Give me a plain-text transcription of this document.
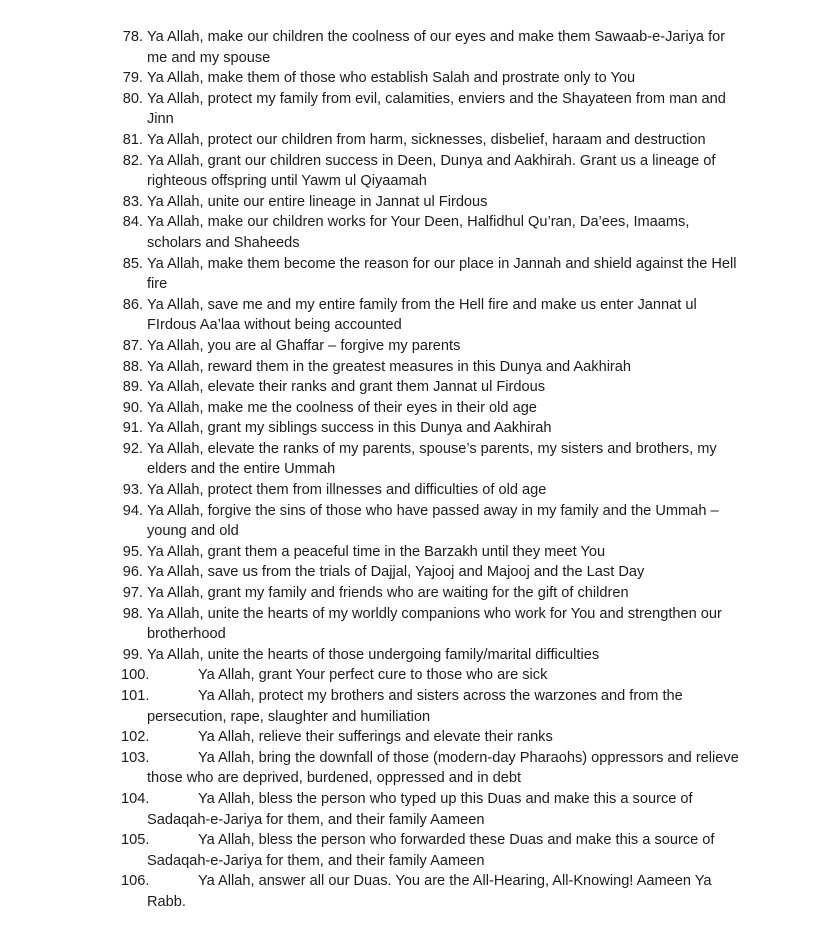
78. Ya Allah, make our children the coolness of our eyes and make them Sawaab-e-Jariya for me and my spouse
79. Ya Allah, make them of those who establish Salah and prostrate only to You
80. Ya Allah, protect my family from evil, calamities, enviers and the Shayateen from man and Jinn
81. Ya Allah, protect our children from harm, sicknesses, disbelief, haraam and destruction
82. Ya Allah, grant our children success in Deen, Dunya and Aakhirah. Grant us a lineage of righteous offspring until Yawm ul Qiyaamah
83. Ya Allah, unite our entire lineage in Jannat ul Firdous
84. Ya Allah, make our children works for Your Deen, Halfidhul Qu’ran, Da’ees, Imaams, scholars and Shaheeds
85. Ya Allah, make them become the reason for our place in Jannah and shield against the Hell fire
86. Ya Allah, save me and my entire family from the Hell fire and make us enter Jannat ul FIrdous Aa’laa without being accounted
87. Ya Allah, you are al Ghaffar – forgive my parents
88. Ya Allah, reward them in the greatest measures in this Dunya and Aakhirah
89. Ya Allah, elevate their ranks and grant them Jannat ul Firdous
90. Ya Allah, make me the coolness of their eyes in their old age
91. Ya Allah, grant my siblings success in this Dunya and Aakhirah
92. Ya Allah, elevate the ranks of my parents, spouse’s parents, my sisters and brothers, my elders and the entire Ummah
93. Ya Allah, protect them from illnesses and difficulties of old age
94. Ya Allah, forgive the sins of those who have passed away in my family and the Ummah – young and old
95. Ya Allah, grant them a peaceful time in the Barzakh until they meet You
96. Ya Allah, save us from the trials of Dajjal, Yajooj and Majooj and the Last Day
97. Ya Allah, grant my family and friends who are waiting for the gift of children
98. Ya Allah, unite the hearts of my worldly companions who work for You and strengthen our brotherhood
99. Ya Allah, unite the hearts of those undergoing family/marital difficulties
100.	Ya Allah, grant Your perfect cure to those who are sick
101.	Ya Allah, protect my brothers and sisters across the warzones and from the persecution, rape, slaughter and humiliation
102.	Ya Allah, relieve their sufferings and elevate their ranks
103.	Ya Allah, bring the downfall of those (modern-day Pharaohs) oppressors and relieve those who are deprived, burdened, oppressed and in debt
104.	Ya Allah, bless the person who typed up this Duas and make this a source of Sadaqah-e-Jariya for them, and their family Aameen
105.	Ya Allah, bless the person who forwarded these Duas and make this a source of Sadaqah-e-Jariya for them, and their family Aameen
106.	Ya Allah, answer all our Duas. You are the All-Hearing, All-Knowing! Aameen Ya Rabb.
